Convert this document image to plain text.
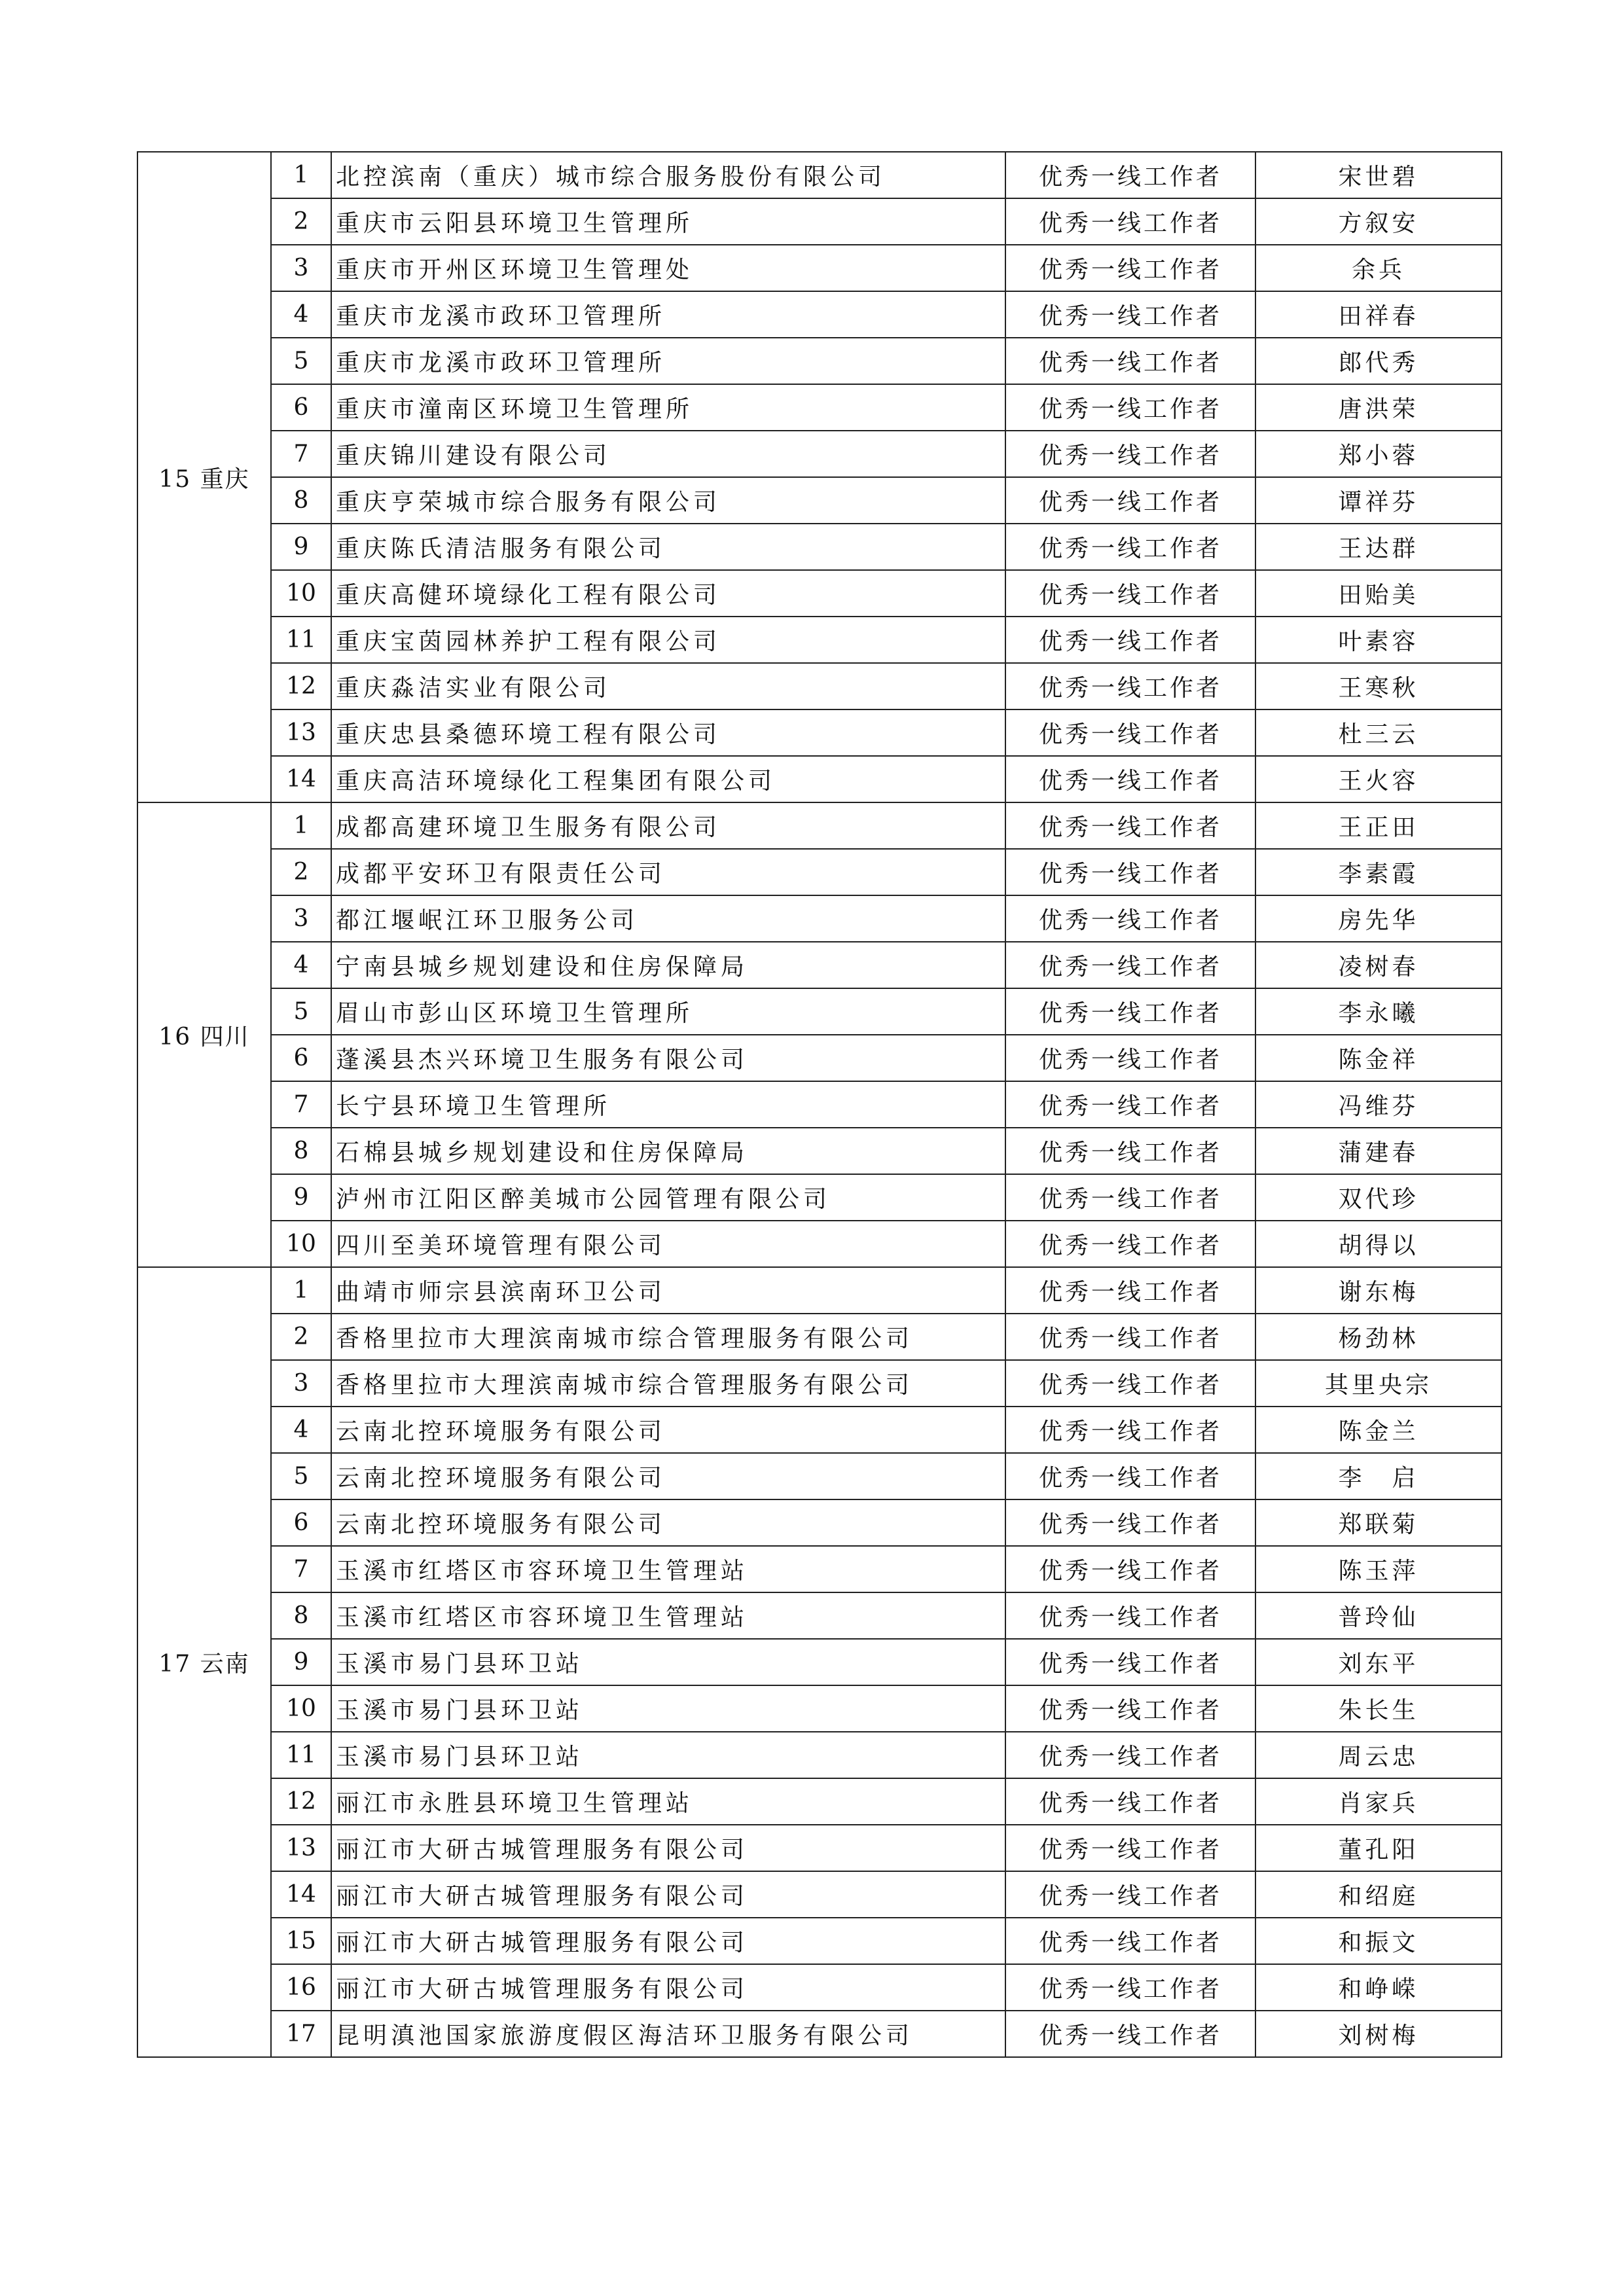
15 重庆	1	北控滨南（重庆）城市综合服务股份有限公司	优秀一线工作者	宋世碧
	2	重庆市云阳县环境卫生管理所	优秀一线工作者	方叙安
	3	重庆市开州区环境卫生管理处	优秀一线工作者	余兵
	4	重庆市龙溪市政环卫管理所	优秀一线工作者	田祥春
	5	重庆市龙溪市政环卫管理所	优秀一线工作者	郎代秀
	6	重庆市潼南区环境卫生管理所	优秀一线工作者	唐洪荣
	7	重庆锦川建设有限公司	优秀一线工作者	郑小蓉
	8	重庆亨荣城市综合服务有限公司	优秀一线工作者	谭祥芬
	9	重庆陈氏清洁服务有限公司	优秀一线工作者	王达群
	10	重庆高健环境绿化工程有限公司	优秀一线工作者	田贻美
	11	重庆宝茵园林养护工程有限公司	优秀一线工作者	叶素容
	12	重庆淼洁实业有限公司	优秀一线工作者	王寒秋
	13	重庆忠县桑德环境工程有限公司	优秀一线工作者	杜三云
	14	重庆高洁环境绿化工程集团有限公司	优秀一线工作者	王火容
16 四川	1	成都高建环境卫生服务有限公司	优秀一线工作者	王正田
	2	成都平安环卫有限责任公司	优秀一线工作者	李素霞
	3	都江堰岷江环卫服务公司	优秀一线工作者	房先华
	4	宁南县城乡规划建设和住房保障局	优秀一线工作者	凌树春
	5	眉山市彭山区环境卫生管理所	优秀一线工作者	李永曦
	6	蓬溪县杰兴环境卫生服务有限公司	优秀一线工作者	陈金祥
	7	长宁县环境卫生管理所	优秀一线工作者	冯维芬
	8	石棉县城乡规划建设和住房保障局	优秀一线工作者	蒲建春
	9	泸州市江阳区醉美城市公园管理有限公司	优秀一线工作者	双代珍
	10	四川至美环境管理有限公司	优秀一线工作者	胡得以
17 云南	1	曲靖市师宗县滨南环卫公司	优秀一线工作者	谢东梅
	2	香格里拉市大理滨南城市综合管理服务有限公司	优秀一线工作者	杨劲林
	3	香格里拉市大理滨南城市综合管理服务有限公司	优秀一线工作者	其里央宗
	4	云南北控环境服务有限公司	优秀一线工作者	陈金兰
	5	云南北控环境服务有限公司	优秀一线工作者	李　启
	6	云南北控环境服务有限公司	优秀一线工作者	郑联菊
	7	玉溪市红塔区市容环境卫生管理站	优秀一线工作者	陈玉萍
	8	玉溪市红塔区市容环境卫生管理站	优秀一线工作者	普玲仙
	9	玉溪市易门县环卫站	优秀一线工作者	刘东平
	10	玉溪市易门县环卫站	优秀一线工作者	朱长生
	11	玉溪市易门县环卫站	优秀一线工作者	周云忠
	12	丽江市永胜县环境卫生管理站	优秀一线工作者	肖家兵
	13	丽江市大研古城管理服务有限公司	优秀一线工作者	董孔阳
	14	丽江市大研古城管理服务有限公司	优秀一线工作者	和绍庭
	15	丽江市大研古城管理服务有限公司	优秀一线工作者	和振文
	16	丽江市大研古城管理服务有限公司	优秀一线工作者	和峥嵘
	17	昆明滇池国家旅游度假区海洁环卫服务有限公司	优秀一线工作者	刘树梅
